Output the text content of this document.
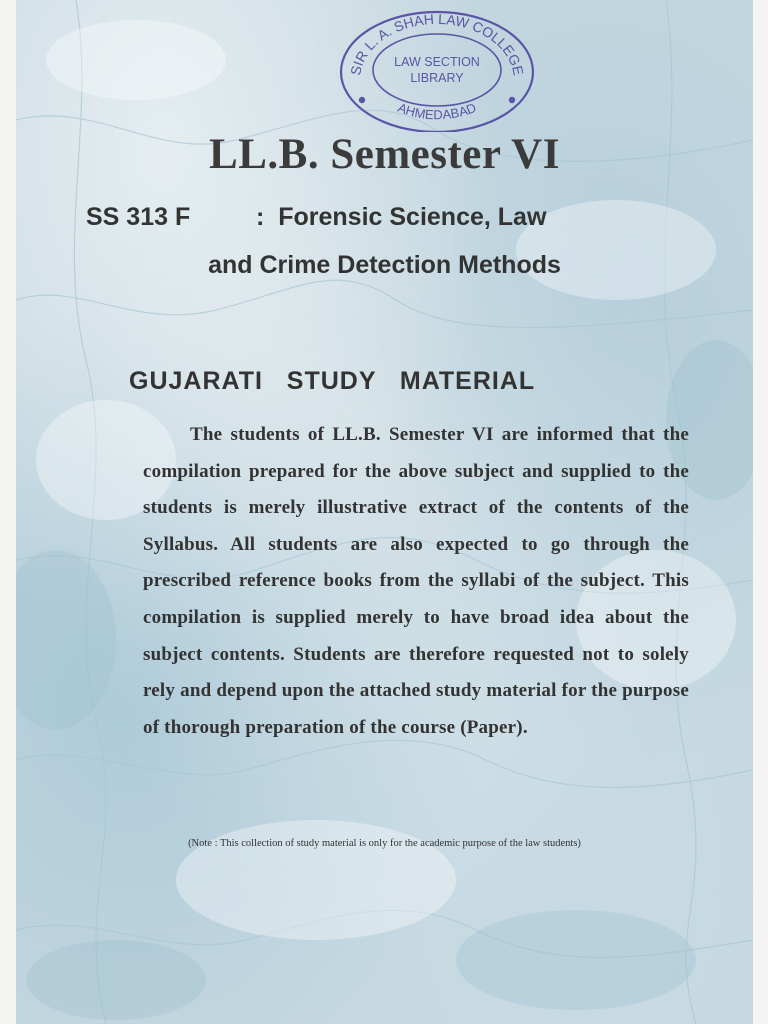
SIR L. A. SHAH LAW COLLEGE
LAW SECTION
LIBRARY
AHMEDABAD
LL.B. Semester VI
SS 313 F	: Forensic Science, Law
and Crime Detection Methods
GUJARATI   STUDY   MATERIAL

The students of LL.B. Semester VI are informed that the compilation prepared for the above subject and supplied to the students is merely illustrative extract of the contents of the Syllabus. All students are also expected to go through the prescribed reference books from the syllabi of the subject. This compilation is supplied merely to have broad idea about the subject contents. Students are therefore requested not to solely rely and depend upon the attached study material for the purpose of thorough preparation of the course (Paper).

(Note : This collection of study material is only for the academic purpose of the law students)
